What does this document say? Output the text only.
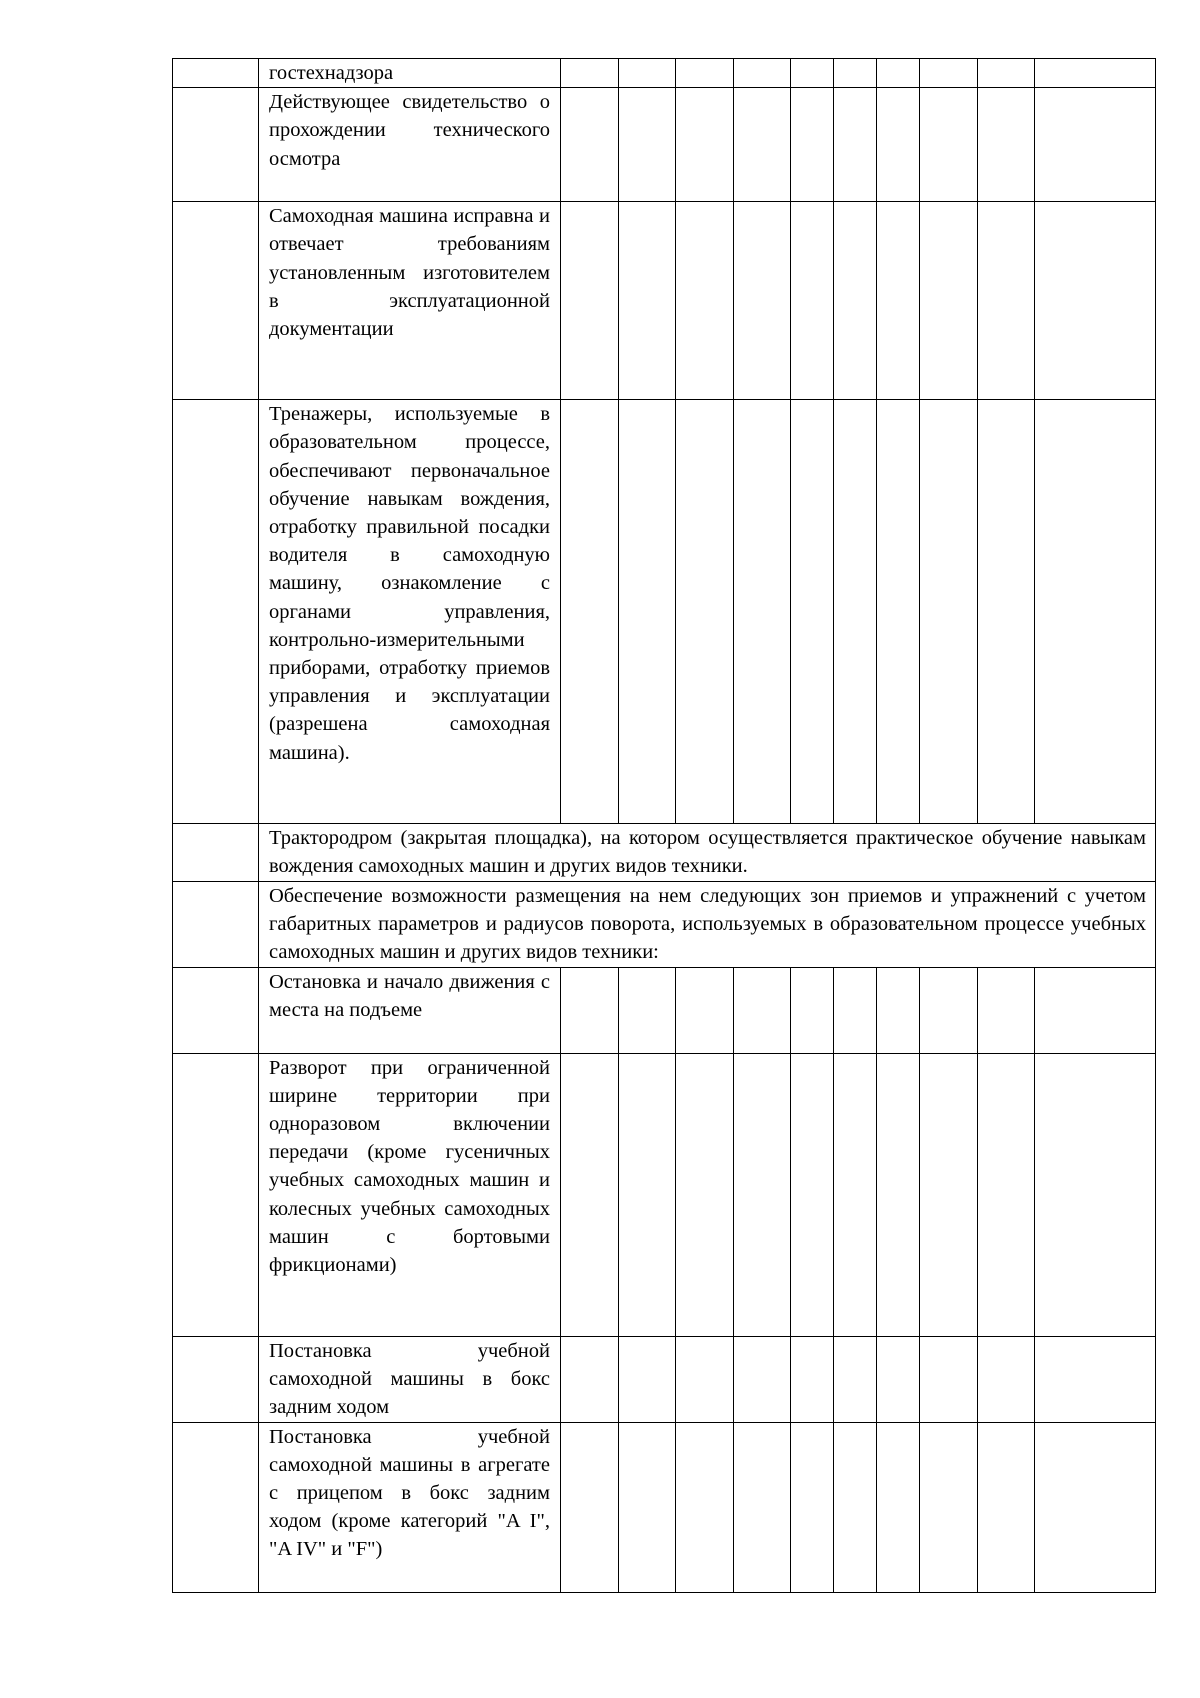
	гостехнадзора										
	Действующее свидетельство о прохождении технического осмотра										
	Самоходная машина исправна и отвечает требованиям установленным изготовителем в эксплуатационной документации										
	Тренажеры, используемые в образовательном процессе, обеспечивают первоначальное обучение навыкам вождения, отработку правильной посадки водителя в самоходную машину, ознакомление с органами управления, контрольно-измерительными приборами, отработку приемов управления и эксплуатации (разрешена самоходная машина).										
	Трактородром (закрытая площадка), на котором осуществляется практическое обучение навыкам вождения самоходных машин и других видов техники.										
	Обеспечение возможности размещения на нем следующих зон приемов и упражнений с учетом габаритных параметров и радиусов поворота, используемых в образовательном процессе учебных самоходных машин и других видов техники:										
	Остановка и начало движения с места на подъеме										
	Разворот при ограниченной ширине территории при одноразовом включении передачи (кроме гусеничных учебных самоходных машин и колесных учебных самоходных машин с бортовыми фрикционами)										
	Постановка учебной самоходной машины в бокс задним ходом										
	Постановка учебной самоходной машины в агрегате с прицепом в бокс задним ходом (кроме категорий "A I", "A IV" и "F")										
